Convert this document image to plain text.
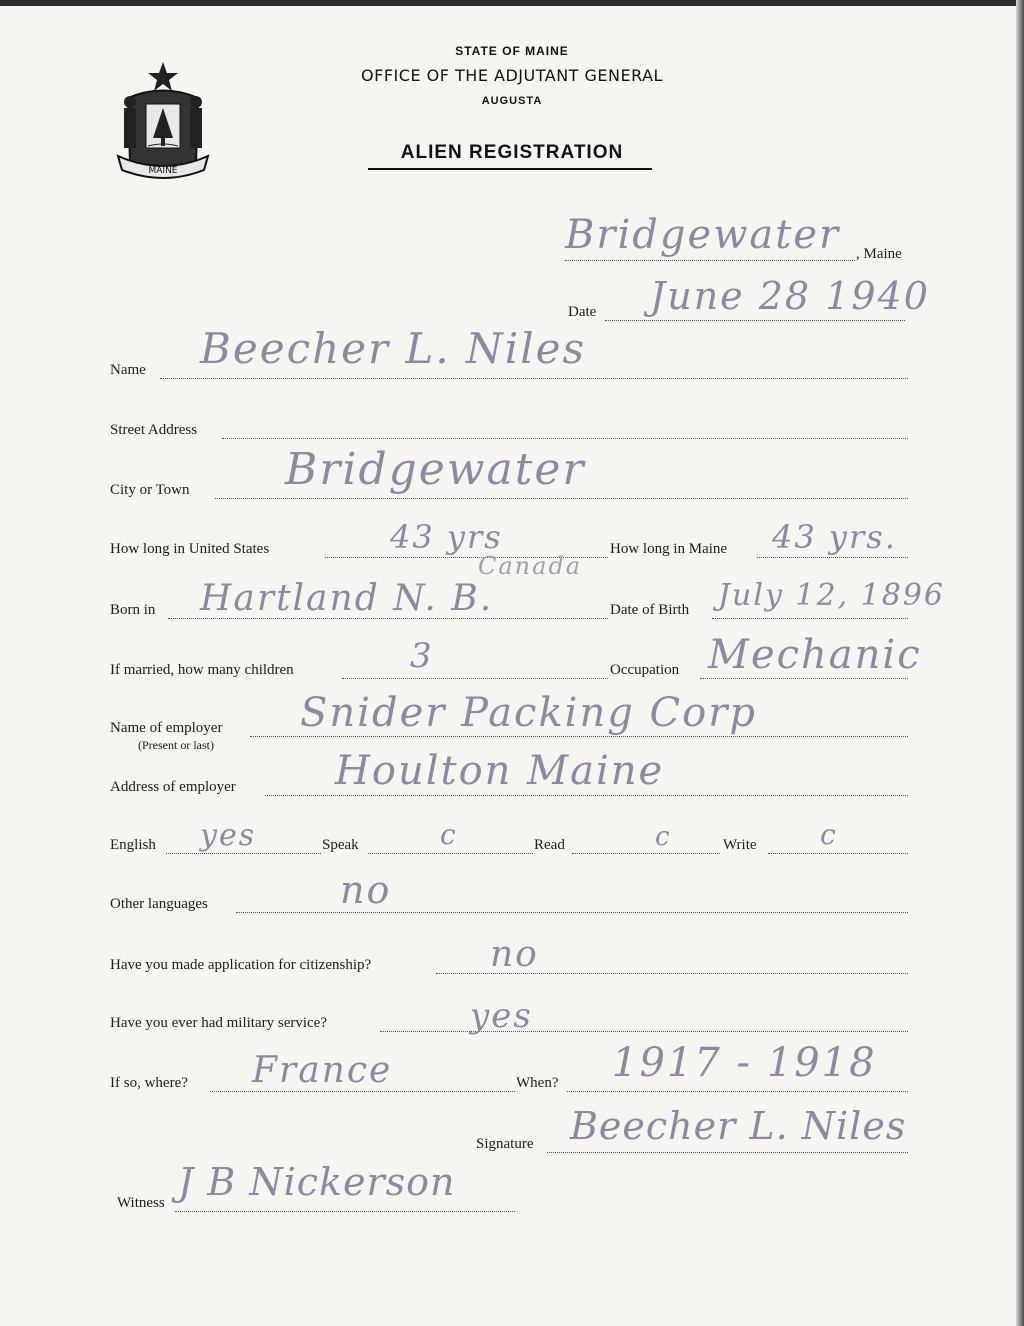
MAINE
STATE OF MAINE
OFFICE OF THE ADJUTANT GENERAL
AUGUSTA
ALIEN REGISTRATION
Bridgewater , Maine
Date June 28 1940
Name Beecher L. Niles
Street Address
City or Town Bridgewater
How long in United States	43 yrs	How long in Maine 43 yrs.
Canada
Born in Hartland N. B.	Date of Birth July 12, 1896
If married, how many children	3	Occupation Mechanic
Name of employer
(Present or last)
Snider Packing Corp
Address of employer Houlton Maine
English yes	Speak	c	Read	c	Write c
Other languages	no
Have you made application for citizenship?	no
Have you ever had military service?	yes
If so, where? France	When? 1917 - 1918
Signature Beecher L. Niles
Witness J B Nickerson
